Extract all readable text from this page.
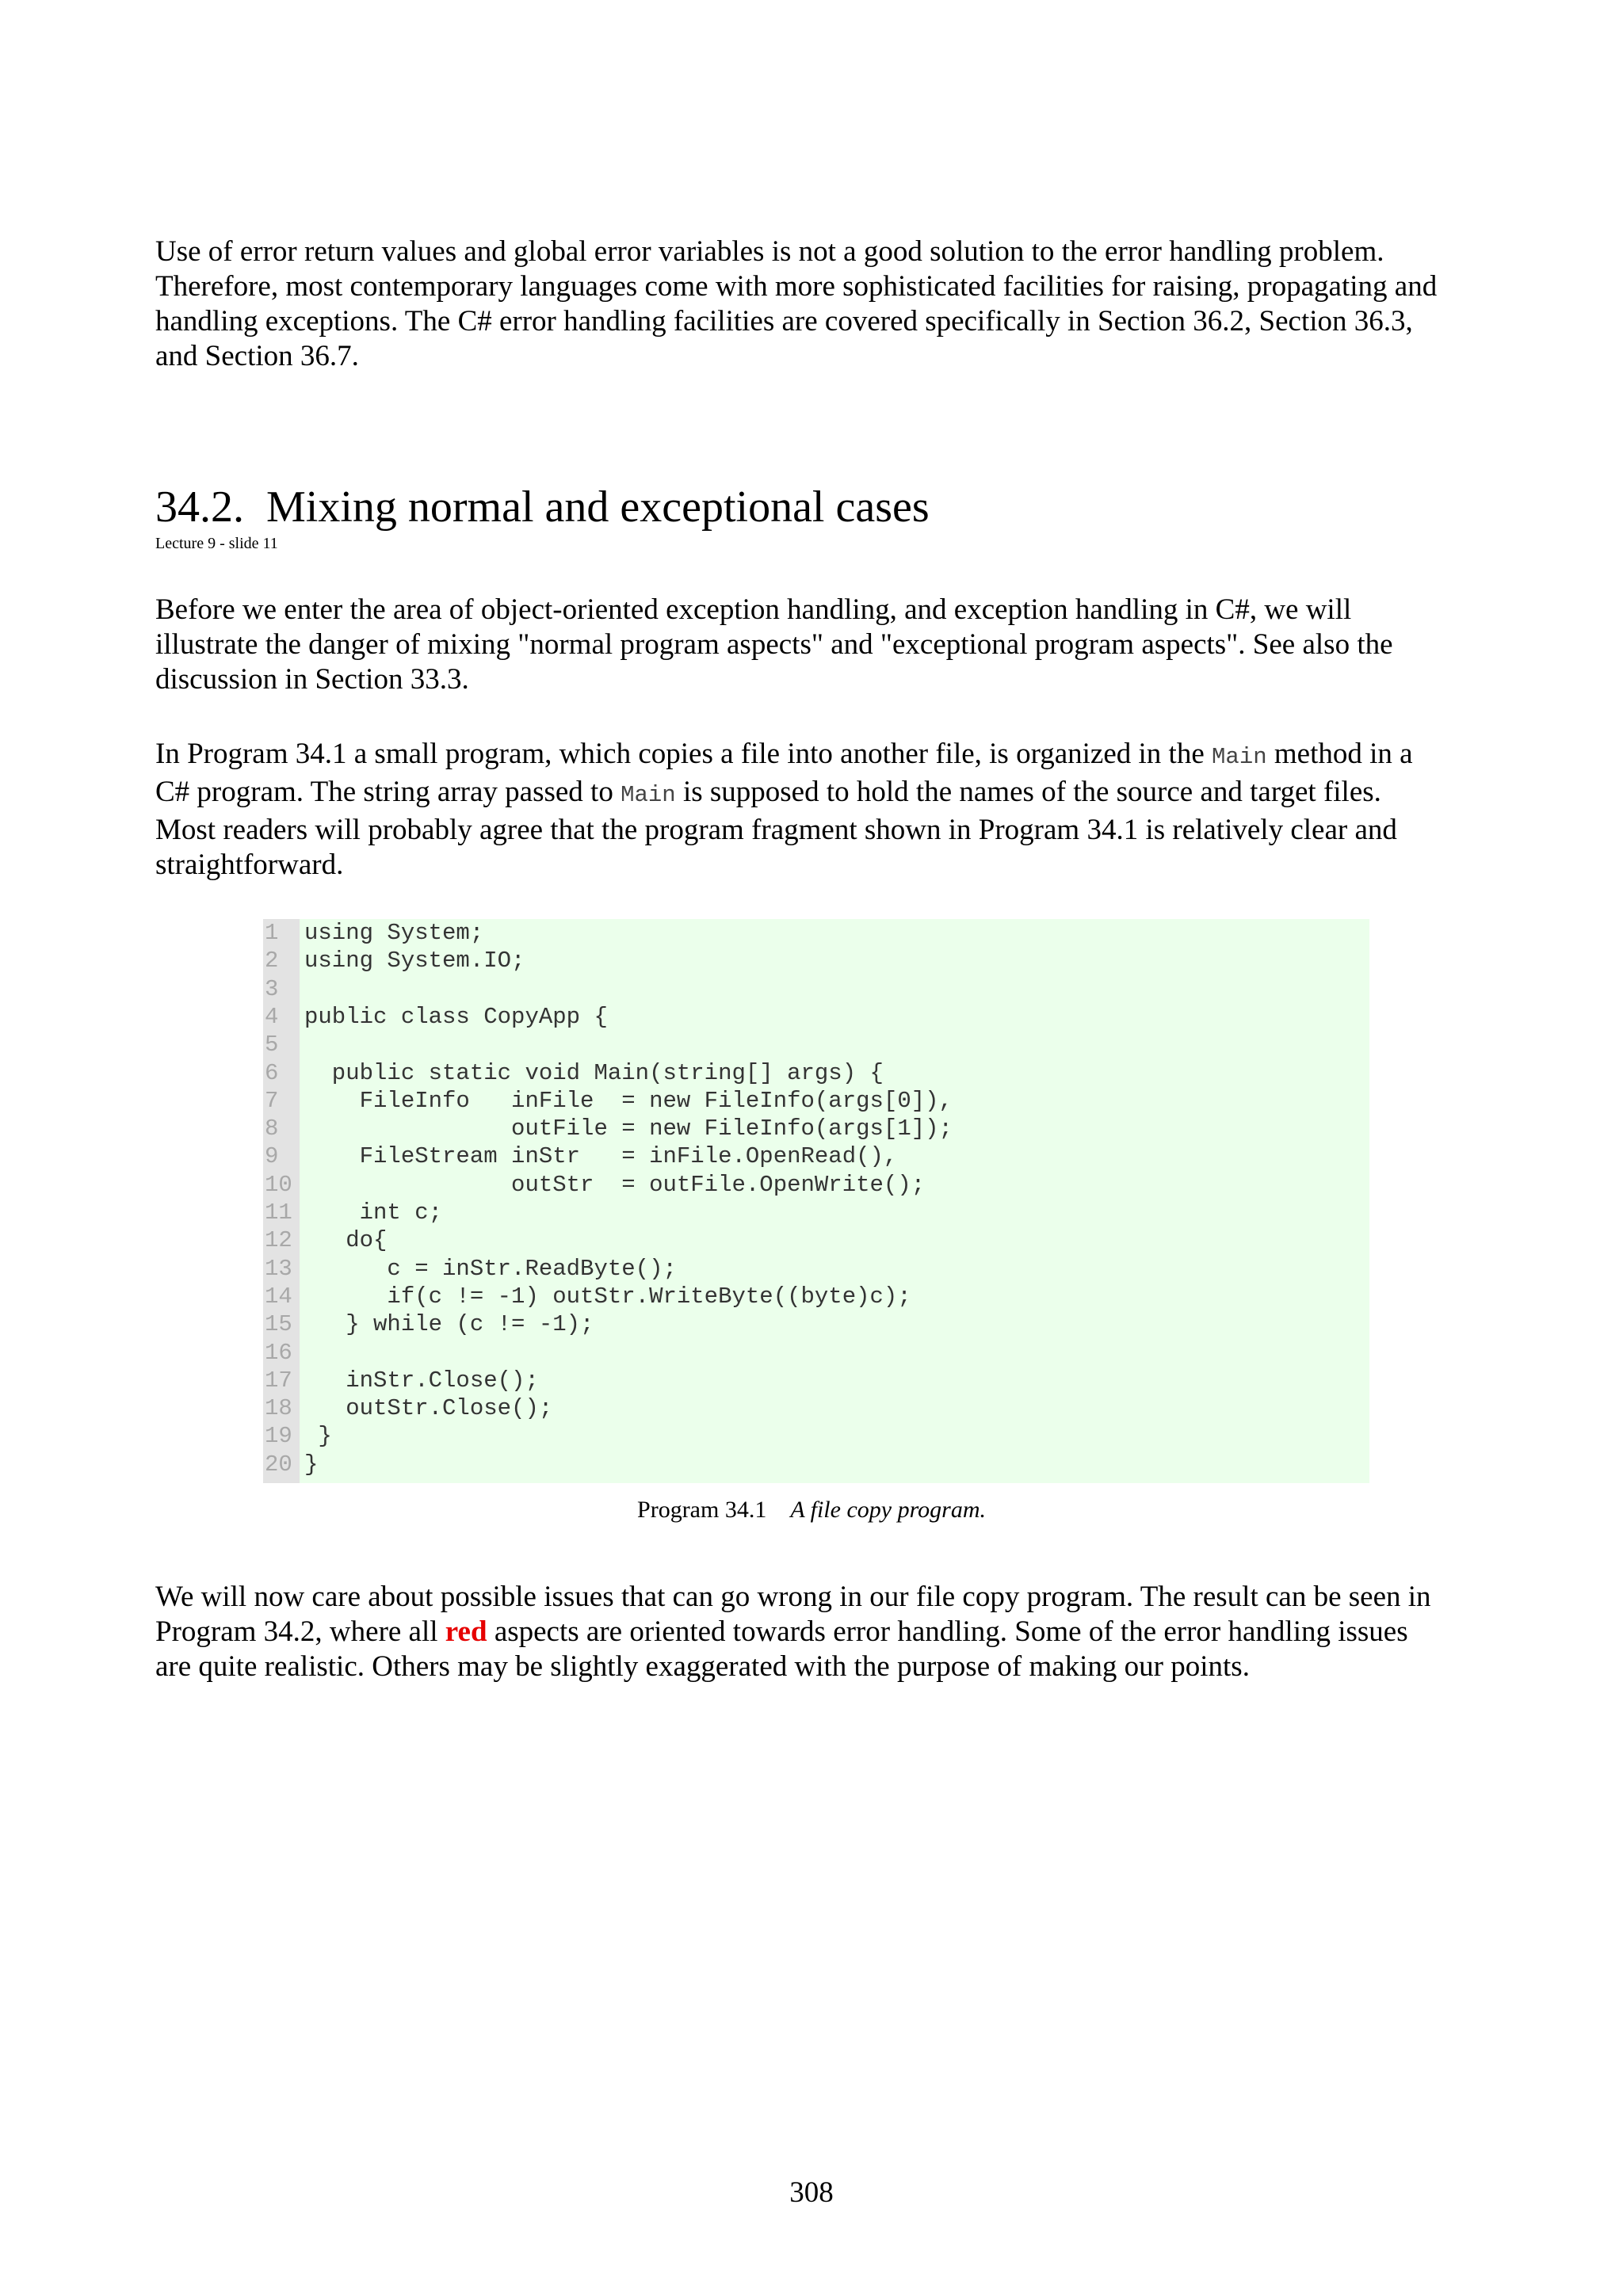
Use of error return values and global error variables is not a good solution to the error handling problem.
Therefore, most contemporary languages come with more sophisticated facilities for raising, propagating and
handling exceptions. The C# error handling facilities are covered specifically in Section 36.2, Section 36.3,
and Section 36.7.
34.2. Mixing normal and exceptional cases
Lecture 9 - slide 11
Before we enter the area of object-oriented exception handling, and exception handling in C#, we will
illustrate the danger of mixing "normal program aspects" and "exceptional program aspects". See also the
discussion in Section 33.3.
In Program 34.1 a small program, which copies a file into another file, is organized in the Main method in a
C# program. The string array passed to Main is supposed to hold the names of the source and target files.
Most readers will probably agree that the program fragment shown in Program 34.1 is relatively clear and
straightforward.
1	using System;
2	using System.IO;
3
4	public class CopyApp {
5
6	public static void Main(string[] args) {
7	FileInfo   inFile  = new FileInfo(args[0]),
8	outFile = new FileInfo(args[1]);
9	FileStream inStr   = inFile.OpenRead(),
10 outStr  = outFile.OpenWrite();
11 int c;
12 do{
13 c = inStr.ReadByte();
14 if(c != -1) outStr.WriteByte((byte)c);
15 } while (c != -1);
16
17 inStr.Close();
18 outStr.Close();
19 }
20 }
Program 34.1 A file copy program.
We will now care about possible issues that can go wrong in our file copy program. The result can be seen in
Program 34.2, where all red aspects are oriented towards error handling. Some of the error handling issues
are quite realistic. Others may be slightly exaggerated with the purpose of making our points.
308
